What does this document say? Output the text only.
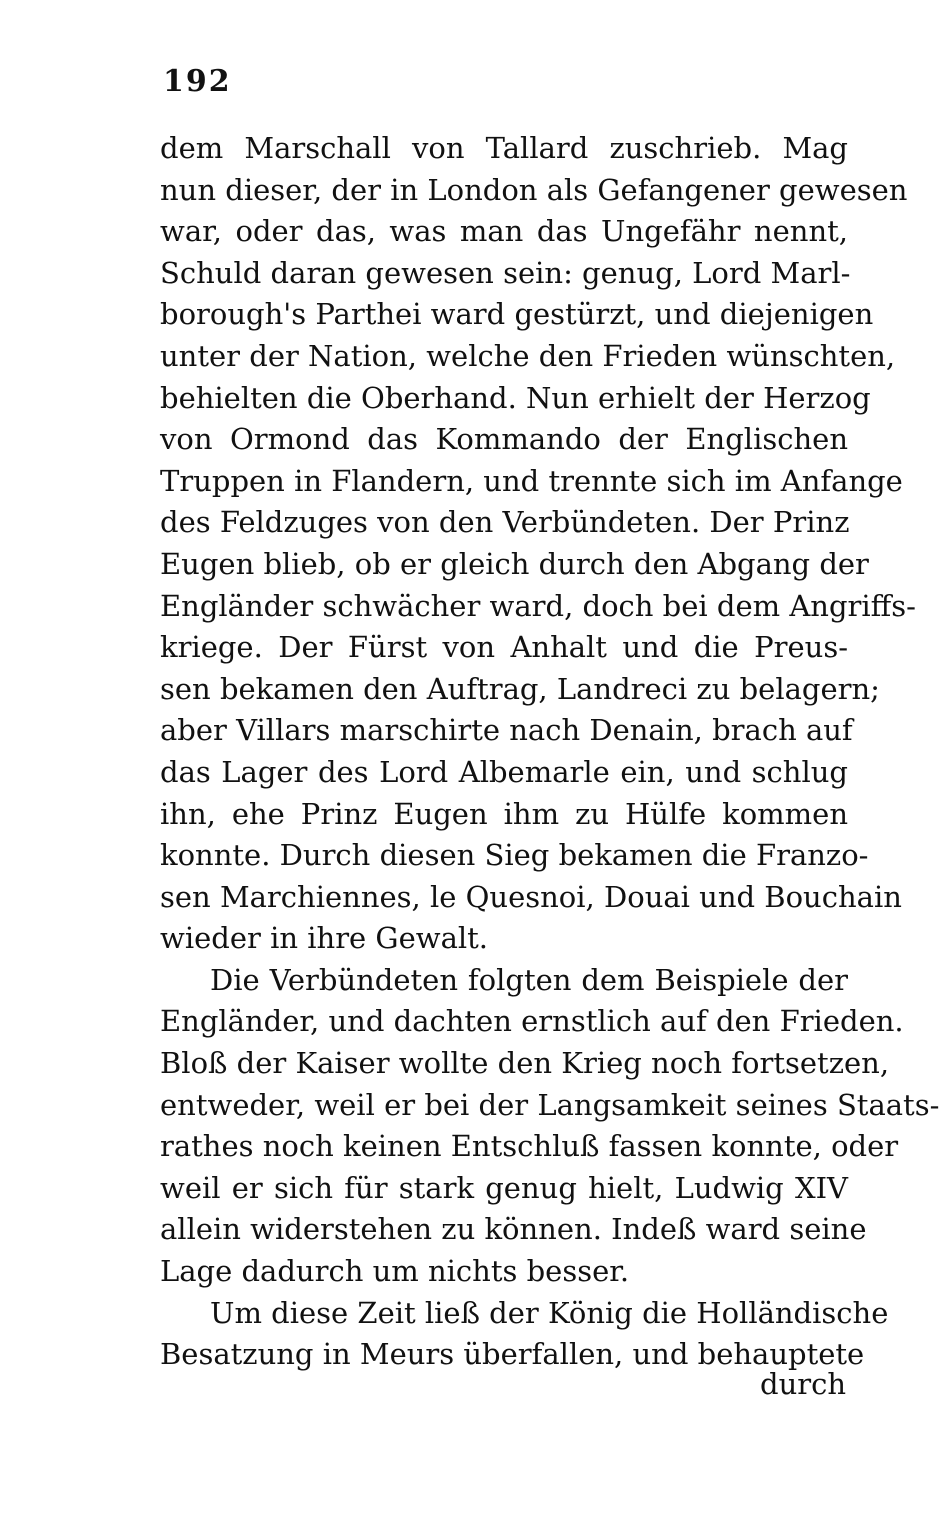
192
dem Marschall von Tallard zuschrieb. Mag
nun dieser, der in London als Gefangener gewesen
war, oder das, was man das Ungefähr nennt,
Schuld daran gewesen sein: genug, Lord Marl-
borough's Parthei ward gestürzt, und diejenigen
unter der Nation, welche den Frieden wünschten,
behielten die Oberhand. Nun erhielt der Herzog
von Ormond das Kommando der Englischen
Truppen in Flandern, und trennte sich im Anfange
des Feldzuges von den Verbündeten. Der Prinz
Eugen blieb, ob er gleich durch den Abgang der
Engländer schwächer ward, doch bei dem Angriffs-
kriege. Der Fürst von Anhalt und die Preus-
sen bekamen den Auftrag, Landreci zu belagern;
aber Villars marschirte nach Denain, brach auf
das Lager des Lord Albemarle ein, und schlug
ihn, ehe Prinz Eugen ihm zu Hülfe kommen
konnte. Durch diesen Sieg bekamen die Franzo-
sen Marchiennes, le Quesnoi, Douai und Bouchain
wieder in ihre Gewalt.
Die Verbündeten folgten dem Beispiele der
Engländer, und dachten ernstlich auf den Frieden.
Bloß der Kaiser wollte den Krieg noch fortsetzen,
entweder, weil er bei der Langsamkeit seines Staats-
rathes noch keinen Entschluß fassen konnte, oder
weil er sich für stark genug hielt, Ludwig XIV
allein widerstehen zu können. Indeß ward seine
Lage dadurch um nichts besser.
Um diese Zeit ließ der König die Holländische
Besatzung in Meurs überfallen, und behauptete
durch
